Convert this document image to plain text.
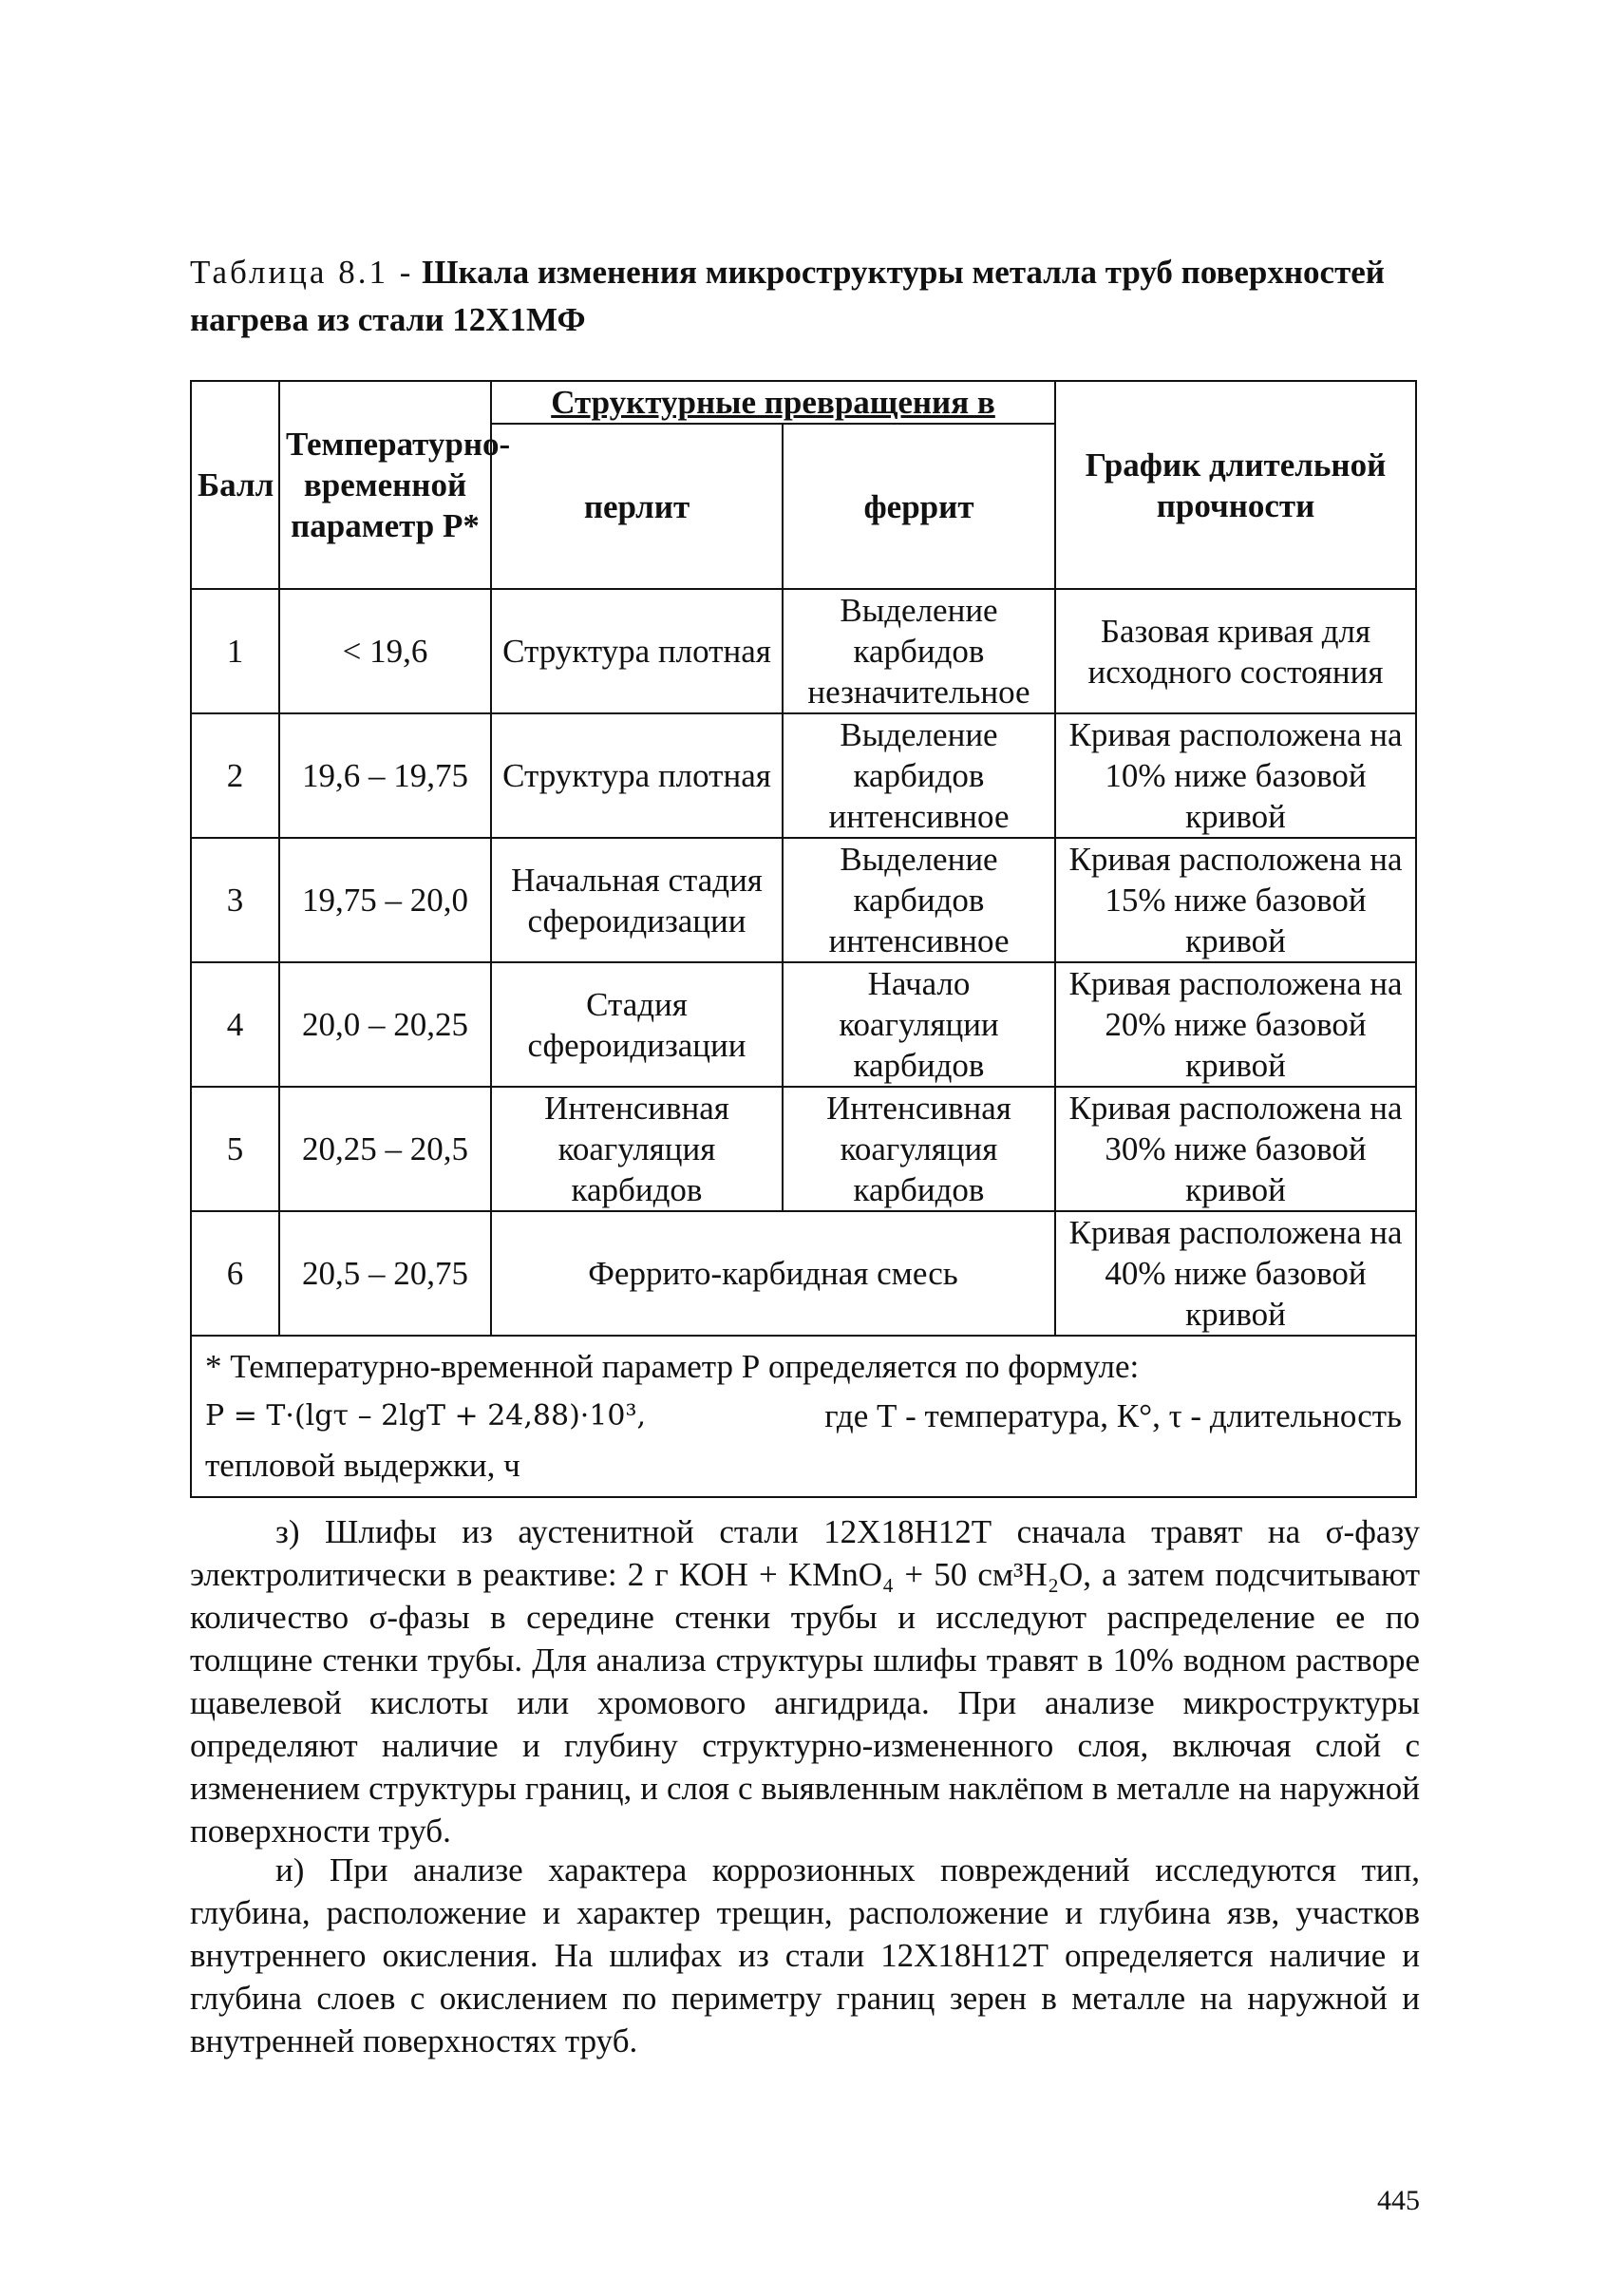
Таблица 8.1 - Шкала изменения микроструктуры металла труб поверхностей нагрева из стали 12Х1МФ
Балл	Температурно-временной параметр Р*	Структурные превращения в		График длительной прочности
		перлит	феррит	
1	< 19,6	Структура плотная	Выделение карбидов незначительное	Базовая кривая для исходного состояния
2	19,6 – 19,75	Структура плотная	Выделение карбидов интенсивное	Кривая расположена на 10% ниже базовой кривой
3	19,75 – 20,0	Начальная стадия сфероидизации	Выделение карбидов интенсивное	Кривая расположена на 15% ниже базовой кривой
4	20,0 – 20,25	Стадия сфероидизации	Начало коагуляции карбидов	Кривая расположена на 20% ниже базовой кривой
5	20,25 – 20,5	Интенсивная коагуляция карбидов	Интенсивная коагуляция карбидов	Кривая расположена на 30% ниже базовой кривой
6	20,5 – 20,75	Феррито-карбидная смесь		Кривая расположена на 40% ниже базовой кривой

* Температурно-временной параметр Р определяется по формуле:
P = T·(lgτ – 2lgT + 24,88)·10³, где Т - температура, К°, τ - длительность
тепловой выдержки, ч				

з) Шлифы из аустенитной стали 12Х18Н12Т сначала травят на σ-фазу электролитически в реактиве: 2 г КОН + KMnO₄ + 50 см³H₂O, а затем подсчитывают количество σ-фазы в середине стенки трубы и исследуют распределение ее по толщине стенки трубы. Для анализа структуры шлифы травят в 10% водном растворе щавелевой кислоты или хромового ангидрида. При анализе микроструктуры определяют наличие и глубину структурно-измененного слоя, включая слой с изменением структуры границ, и слоя с выявленным наклёпом в металле на наружной поверхности труб.

и) При анализе характера коррозионных повреждений исследуются тип, глубина, расположение и характер трещин, расположение и глубина язв, участков внутреннего окисления. На шлифах из стали 12Х18Н12Т определяется наличие и глубина слоев с окислением по периметру границ зерен в металле на наружной и внутренней поверхностях труб.

445
